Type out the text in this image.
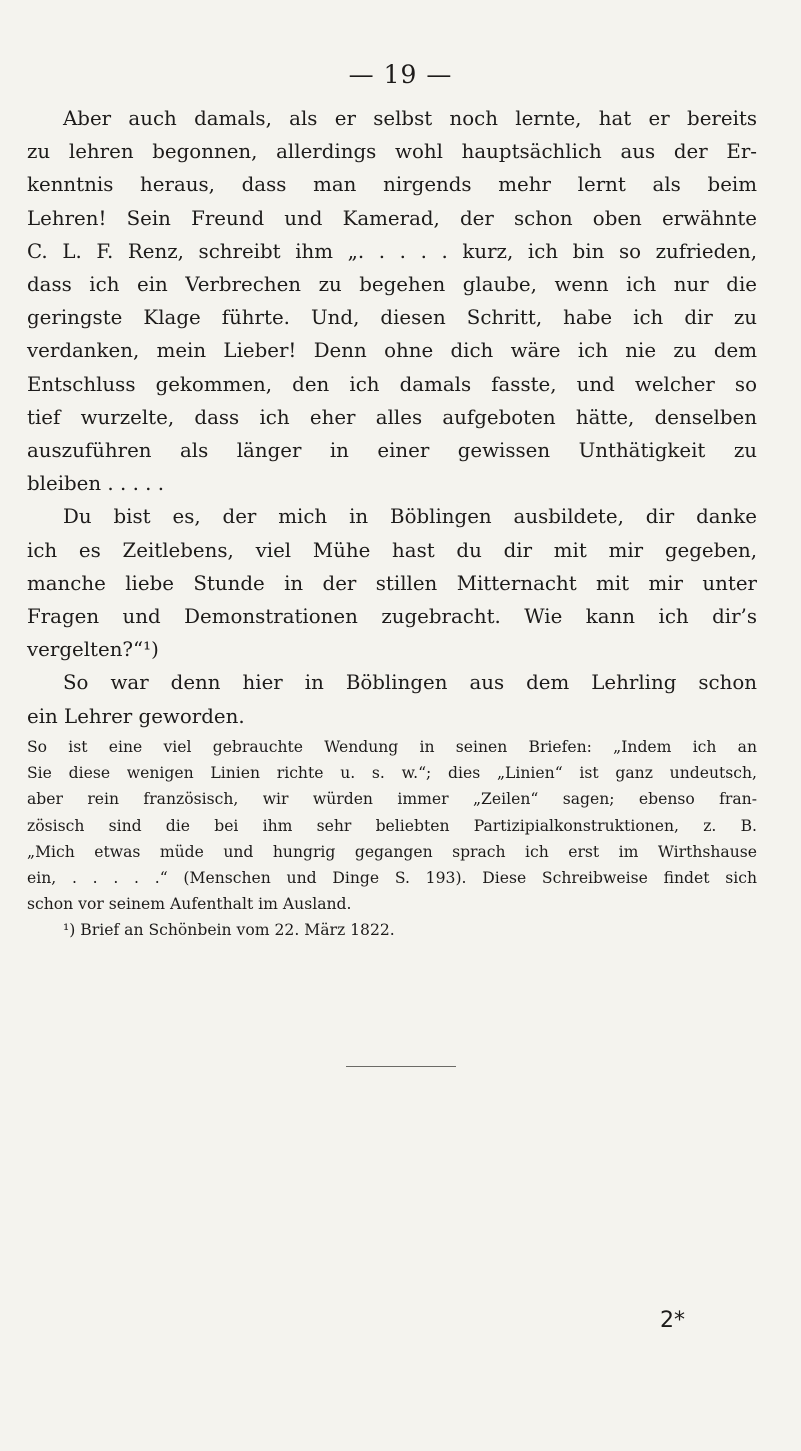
— 19 —
Aber auch damals, als er selbst noch lernte, hat er bereits
zu lehren begonnen, allerdings wohl hauptsächlich aus der Er-
kenntnis heraus, dass man nirgends mehr lernt als beim
Lehren! Sein Freund und Kamerad, der schon oben erwähnte
C. L. F. Renz, schreibt ihm „. . . . . kurz, ich bin so zufrieden,
dass ich ein Verbrechen zu begehen glaube, wenn ich nur die
geringste Klage führte. Und, diesen Schritt, habe ich dir zu
verdanken, mein Lieber! Denn ohne dich wäre ich nie zu dem
Entschluss gekommen, den ich damals fasste, und welcher so
tief wurzelte, dass ich eher alles aufgeboten hätte, denselben
auszuführen als länger in einer gewissen Unthätigkeit zu
bleiben . . . . .
Du bist es, der mich in Böblingen ausbildete, dir danke
ich es Zeitlebens, viel Mühe hast du dir mit mir gegeben,
manche liebe Stunde in der stillen Mitternacht mit mir unter
Fragen und Demonstrationen zugebracht. Wie kann ich dir’s
vergelten?“¹)
So war denn hier in Böblingen aus dem Lehrling schon
ein Lehrer geworden.
So ist eine viel gebrauchte Wendung in seinen Briefen: „Indem ich an
Sie diese wenigen Linien richte u. s. w.“; dies „Linien“ ist ganz undeutsch,
aber rein französisch, wir würden immer „Zeilen“ sagen; ebenso fran-
zösisch sind die bei ihm sehr beliebten Partizipialkonstruktionen, z. B.
„Mich etwas müde und hungrig gegangen sprach ich erst im Wirthshause
ein, . . . . .“ (Menschen und Dinge S. 193). Diese Schreibweise findet sich
schon vor seinem Aufenthalt im Ausland.
¹) Brief an Schönbein vom 22. März 1822.
2*
